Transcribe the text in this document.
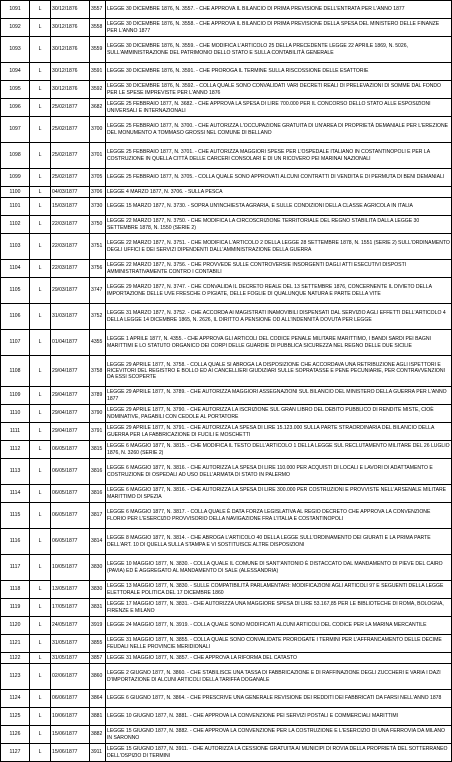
1091	L	30/12/1876	3557	LEGGE 30 DICEMBRE 1876, N. 3557. - CHE APPROVA IL BILANCIO DI PRIMA PREVISIONE DELL'ENTRATA PER L'ANNO 1877
1092	L	30/12/1876	3558	LEGGE 30 DICEMBRE 1876, N. 3558. - CHE APPROVA IL BILANCIO DI PRIMA PREVISIONE DELLA SPESA DEL MINISTERO DELLE FINANZE PER L'ANNO 1877
1093	L	30/12/1876	3559	LEGGE 30 DICEMBRE 1876, N. 3559. - CHE MODIFICA L'ARTICOLO 25 DELLA PRECEDENTE LEGGE 22 APRILE 1869, N. 5026, SULL'AMMINISTRAZIONE DEL PATRIMONIO DELLO STATO E SULLA CONTABILITÀ GENERALE
1094	L	30/12/1876	3591	LEGGE 30 DICEMBRE 1876, N. 3591. - CHE PROROGA IL TERMINE SULLA RISCOSSIONE DELLE ESATTORIE
1095	L	30/12/1876	3592	LEGGE 30 DICEMBRE 1876, N. 3592. - COLLA QUALE SONO CONVALIDATI VARI DECRETI REALI DI PRELEVAZIONI DI SOMME DAL FONDO PER LE SPESE IMPREVISTE PER L'ANNO 1876
1096	L	25/02/1877	3682	LEGGE 25 FEBBRAIO 1877, N. 3682. - CHE APPROVA LA SPESA DI LIRE 700.000 PER IL CONCORSO DELLO STATO ALLE ESPOSIZIONI UNIVERSALI E INTERNAZIONALI
1097	L	25/02/1877	3700	LEGGE 25 FEBBRAIO 1877, N. 3700. - CHE AUTORIZZA L'OCCUPAZIONE GRATUITA DI UN'AREA DI PROPRIETÀ DEMANIALE PER L'EREZIONE DEL MONUMENTO A TOMMASO GROSSI NEL COMUNE DI BELLANO
1098	L	25/02/1877	3701	LEGGE 25 FEBBRAIO 1877, N. 3701. - CHE AUTORIZZA MAGGIORI SPESE PER L'OSPEDALE ITALIANO IN COSTANTINOPOLI E PER LA COSTRUZIONE IN QUELLA CITTÀ DELLE CARCERI CONSOLARI E DI UN RICOVERO PEI MARINAI NAZIONALI
1099	L	25/02/1877	3705	LEGGE 25 FEBBRAIO 1877, N. 3705. - COLLA QUALE SONO APPROVATI ALCUNI CONTRATTI DI VENDITA E DI PERMUTA DI BENI DEMANIALI
1100	L	04/03/1877	3706	LEGGE 4 MARZO 1877, N. 3706. - SULLA PESCA
1101	L	15/03/1877	3730	LEGGE 15 MARZO 1877, N. 3730. - SOPRA UN'INCHIESTA AGRARIA, E SULLE CONDIZIONI DELLA CLASSE AGRICOLA IN ITALIA
1102	L	22/03/1877	3750	LEGGE 22 MARZO 1877, N. 3750. - CHE MODIFICA LA CIRCOSCRIZIONE TERRITORIALE DEL REGNO STABILITA DALLA LEGGE 30 SETTEMBRE 1878, N. 1550 (SERIE 2)
1103	L	22/03/1877	3751	LEGGE 22 MARZO 1877, N. 3751. - CHE MODIFICA L'ARTICOLO 2 DELLA LEGGE 28 SETTEMBRE 1878, N. 1551 (SERIE 2) SULL'ORDINAMENTO DEGLI UFFICI E DEI SERVIZI DIPENDENTI DALL'AMMINISTRAZIONE DELLA GUERRA
1104	L	22/03/1877	3756	LEGGE 22 MARZO 1877, N. 3756. - CHE PROVVEDE SULLE CONTROVERSIE INSORGENTI DAGLI ATTI ESECUTIVI DISPOSTI AMMINISTRATIVAMENTE CONTRO I CONTABILI
1105	L	29/03/1877	3747	LEGGE 29 MARZO 1877, N. 3747. - CHE CONVALIDA IL DECRETO REALE DEL 13 SETTEMBRE 1876, CONCERNENTE IL DIVIETO DELLA IMPORTAZIONE DELLE UVE FRESCHE O PIGIATE, DELLE FOGLIE DI QUALUNQUE NATURA E PARTE DELLA VITE
1106	L	31/03/1877	3752	LEGGE 31 MARZO 1877, N. 3752. - CHE ACCORDA AI MAGISTRATI INAMOVIBILI DISPENSATI DAL SERVIZIO AGLI EFFETTI DELL'ARTICOLO 4 DELLA LEGGE 14 DICEMBRE 1865, N. 2626, IL DIRITTO A PENSIONE OD ALL'INDENNITÀ DOVUTA PER LEGGE
1107	L	01/04/1877	4355	LEGGE 1 APRILE 1877, N. 4355. - CHE APPROVA GLI ARTICOLI DEL CODICE PENALE MILITARE MARITTIMO, I BANDI SARDI PEI BAGNI MARITTIMI E LO STATUTO ORGANICO DEI CORPI DELLE GUARDIE DI PUBBLICA SICUREZZA NEL REGNO DELLE DUE SICILIE
1108	L	29/04/1877	3758	LEGGE 29 APRILE 1877, N. 3758. - COLLA QUALE SI ABROGA LA DISPOSIZIONE CHE ACCORDAVA UNA RETRIBUZIONE AGLI ISPETTORI E RICEVITORI DEL REGISTRO E BOLLO ED AI CANCELLIERI GIUDIZIARI SULLE SOPRATASSE E PENE PECUNIARIE, PER CONTRAVVENZIONI DA ESSI SCOPERTE
1109	L	29/04/1877	3789	LEGGE 29 APRILE 1877, N. 3789. - CHE AUTORIZZA MAGGIORI ASSEGNAZIONI SUL BILANCIO DEL MINISTERO DELLA GUERRA PER L'ANNO 1877
1110	L	29/04/1877	3790	LEGGE 29 APRILE 1877, N. 3790. - CHE AUTORIZZA LA ISCRIZIONE SUL GRAN LIBRO DEL DEBITO PUBBLICO DI RENDITE MISTE, CIOÈ NOMINATIVE, PAGABILI CON CEDOLE AL PORTATORE
1111	L	29/04/1877	3791	LEGGE 29 APRILE 1877, N. 3791. - CHE AUTORIZZA LA SPESA DI LIRE 15.123.000 SULLA PARTE STRAORDINARIA DEL BILANCIO DELLA GUERRA PER LA FABBRICAZIONE DI FUCILI E MOSCHETTI
1112	L	06/05/1877	3815	LEGGE 6 MAGGIO 1877, N. 3815. - CHE MODIFICA IL TESTO DELL'ARTICOLO 1 DELLA LEGGE SUL RECLUTAMENTO MILITARE DEL 26 LUGLIO 1876, N. 3260 (SERIE 2)
1113	L	06/05/1877	3816	LEGGE 6 MAGGIO 1877, N. 3816. - CHE AUTORIZZA LA SPESA DI LIRE 110.000 PER ACQUISTI DI LOCALI E LAVORI DI ADATTAMENTO E COSTRUZIONE DI OSPEDALI AD USO DELL'ARMATA DI STATO IN PALERMO
1114	L	06/05/1877	3816	LEGGE 6 MAGGIO 1877, N. 3816. - CHE AUTORIZZA LA SPESA DI LIRE 300.000 PER COSTRUZIONI E PROVVISTE NELL'ARSENALE MILITARE MARITTIMO DI SPEZIA
1115	L	06/05/1877	3817	LEGGE 6 MAGGIO 1877, N. 3817. - COLLA QUALE È DATA FORZA LEGISLATIVA AL REGIO DECRETO CHE APPROVA LA CONVENZIONE FLORIO PER L'ESERCIZIO PROVVISORIO DELLA NAVIGAZIONE FRA L'ITALIA E COSTANTINOPOLI
1116	L	06/05/1877	3814	LEGGE 8 MAGGIO 1877, N. 3814. - CHE ABROGA L'ARTICOLO 40 DELLA LEGGE SULL'ORDINAMENTO DEI GIURATI E LA PRIMA PARTE DELL'ART. 10 DI QUELLA SULLA STAMPA E VI SOSTITUISCE ALTRE DISPOSIZIONI
1117	L	10/05/1877	3830	LEGGE 10 MAGGIO 1877, N. 3830. - COLLA QUALE IL COMUNE DI SANT'ANTONIO È DISTACCATO DAL MANDAMENTO DI PIEVE DEL CAIRO (PAVIA) ED È AGGREGATO AL MANDAMENTO DI SALE (ALESSANDRIA)
1118	L	13/05/1877	3830	LEGGE 13 MAGGIO 1877, N. 3830. - SULLE COMPATIBILITÀ PARLAMENTARI: MODIFICAZIONI AGLI ARTICOLI 97 E SEGUENTI DELLA LEGGE ELETTORALE POLITICA DEL 17 DICEMBRE 1860
1119	L	17/05/1877	3831	LEGGE 17 MAGGIO 1877, N. 3831. - CHE AUTORIZZA UNA MAGGIORE SPESA DI LIRE 53.167,85 PER LE BIBLIOTECHE DI ROMA, BOLOGNA, FIRENZE E MILANO
1120	L	24/05/1877	3919	LEGGE 24 MAGGIO 1877, N. 3919. - COLLA QUALE SONO MODIFICATI ALCUNI ARTICOLI DEL CODICE PER LA MARINA MERCANTILE
1121	L	31/05/1877	3855	LEGGE 31 MAGGIO 1877, N. 3855. - COLLA QUALE SONO CONVALIDATE PROROGATE I TERMINI PER L'AFFRANCAMENTO DELLE DECIME FEUDALI NELLE PROVINCIE MERIDIONALI
1122	L	31/05/1877	3857	LEGGE 31 MAGGIO 1877, N. 3857. - CHE APPROVA LA RIFORMA DEL CATASTO
1123	L	02/06/1877	3860	LEGGE 2 GIUGNO 1877, N. 3860. - CHE STABILISCE UNA TASSA DI FABBRICAZIONE E DI RAFFINAZIONE DEGLI ZUCCHERI E VARIA I DAZI D'IMPORTAZIONE DI ALCUNI ARTICOLI DELLA TARIFFA DOGANALE
1124	L	06/06/1877	3864	LEGGE 6 GIUGNO 1877, N. 3864. - CHE PRESCRIVE UNA GENERALE REVISIONE DEI REDDITI DEI FABBRICATI DA FARSI NELL'ANNO 1878
1125	L	10/06/1877	3881	LEGGE 10 GIUGNO 1877, N. 3881. - CHE APPROVA LA CONVENZIONE PEI SERVIZI POSTALI E COMMERCIALI MARITTIMI
1126	L	15/06/1877	3882	LEGGE 15 GIUGNO 1877, N. 3882. - CHE APPROVA LA CONVENZIONE PER LA COSTRUZIONE E L'ESERCIZIO DI UNA FERROVIA DA MILANO IN SARONNO
1127	L	15/06/1877	3911	LEGGE 15 GIUGNO 1877, N. 3911. - CHE AUTORIZZA LA CESSIONE GRATUITA AI MUNICIPI DI ROVIA DELLA PROPRIETÀ DEL SOTTERRANEO DELL'OSPIZIO DI TERMINI
